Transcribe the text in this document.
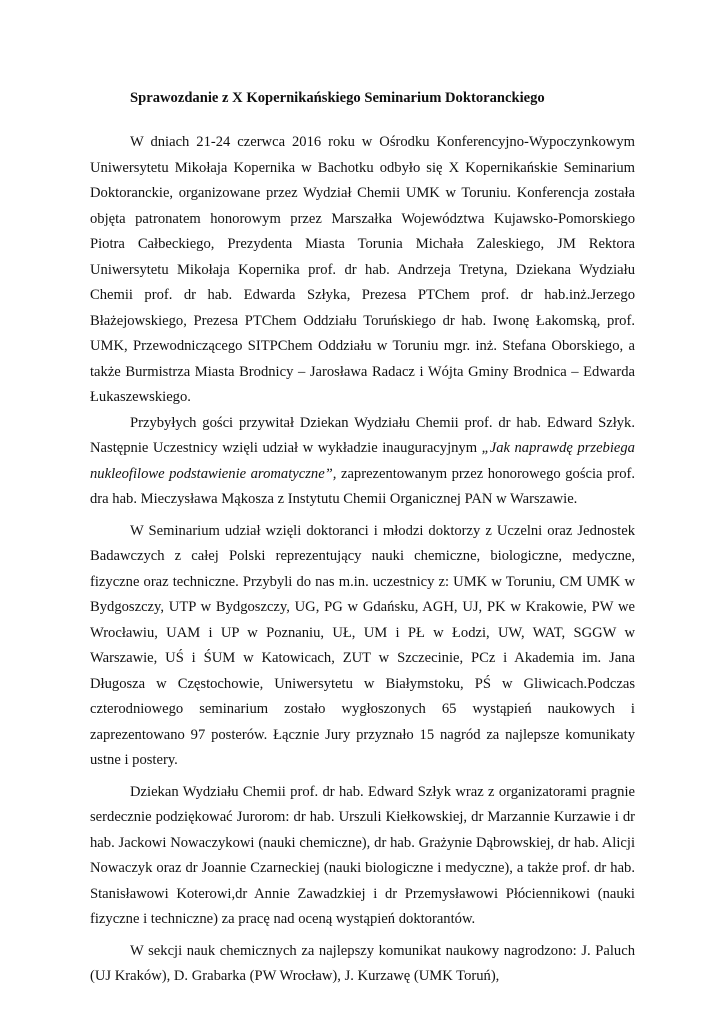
Sprawozdanie z X Kopernikańskiego Seminarium Doktoranckiego

W dniach 21-24 czerwca 2016 roku w Ośrodku Konferencyjno-Wypoczynkowym Uniwersytetu Mikołaja Kopernika w Bachotku odbyło się X Kopernikańskie Seminarium Doktoranckie, organizowane przez Wydział Chemii UMK w Toruniu. Konferencja została objęta patronatem honorowym przez Marszałka Województwa Kujawsko-Pomorskiego Piotra Całbeckiego, Prezydenta Miasta Torunia Michała Zaleskiego, JM Rektora Uniwersytetu Mikołaja Kopernika prof. dr hab. Andrzeja Tretyna, Dziekana Wydziału Chemii prof. dr hab. Edwarda Szłyka, Prezesa PTChem prof. dr hab.inż.Jerzego Błażejowskiego, Prezesa PTChem Oddziału Toruńskiego dr hab. Iwonę Łakomską, prof. UMK, Przewodniczącego SITPChem Oddziału w Toruniu mgr. inż. Stefana Oborskiego, a także Burmistrza Miasta Brodnicy – Jarosława Radacz i Wójta Gminy Brodnica – Edwarda Łukaszewskiego.

Przybyłych gości przywitał Dziekan Wydziału Chemii prof. dr hab. Edward Szłyk. Następnie Uczestnicy wzięli udział w wykładzie inauguracyjnym „Jak naprawdę przebiega nukleofilowe podstawienie aromatyczne”, zaprezentowanym przez honorowego gościa prof. dra hab. Mieczysława Mąkosza z Instytutu Chemii Organicznej PAN w Warszawie.

W Seminarium udział wzięli doktoranci i młodzi doktorzy z Uczelni oraz Jednostek Badawczych z całej Polski reprezentujący nauki chemiczne, biologiczne, medyczne, fizyczne oraz techniczne. Przybyli do nas m.in. uczestnicy z: UMK w Toruniu, CM UMK w Bydgoszczy, UTP w Bydgoszczy, UG, PG w Gdańsku, AGH, UJ, PK w Krakowie, PW we Wrocławiu, UAM i UP w Poznaniu, UŁ, UM i PŁ w Łodzi, UW, WAT, SGGW w Warszawie, UŚ i ŚUM w Katowicach, ZUT w Szczecinie, PCz i Akademia im. Jana Długosza w Częstochowie, Uniwersytetu w Białymstoku, PŚ w Gliwicach.Podczas czterodniowego seminarium zostało wygłoszonych 65 wystąpień naukowych i zaprezentowano 97 posterów. Łącznie Jury przyznało 15 nagród za najlepsze komunikaty ustne i postery.

Dziekan Wydziału Chemii prof. dr hab. Edward Szłyk wraz z organizatorami pragnie serdecznie podziękować Jurorom: dr hab. Urszuli Kiełkowskiej, dr Marzannie Kurzawie i dr hab. Jackowi Nowaczykowi (nauki chemiczne), dr hab. Grażynie Dąbrowskiej, dr hab. Alicji Nowaczyk oraz dr Joannie Czarneckiej (nauki biologiczne i medyczne), a także prof. dr hab. Stanisławowi Koterowi,dr Annie Zawadzkiej i dr Przemysławowi Płóciennikowi (nauki fizyczne i techniczne) za pracę nad oceną wystąpień doktorantów.

W sekcji nauk chemicznych za najlepszy komunikat naukowy nagrodzono: J. Paluch (UJ Kraków), D. Grabarka (PW Wrocław), J. Kurzawę (UMK Toruń),
